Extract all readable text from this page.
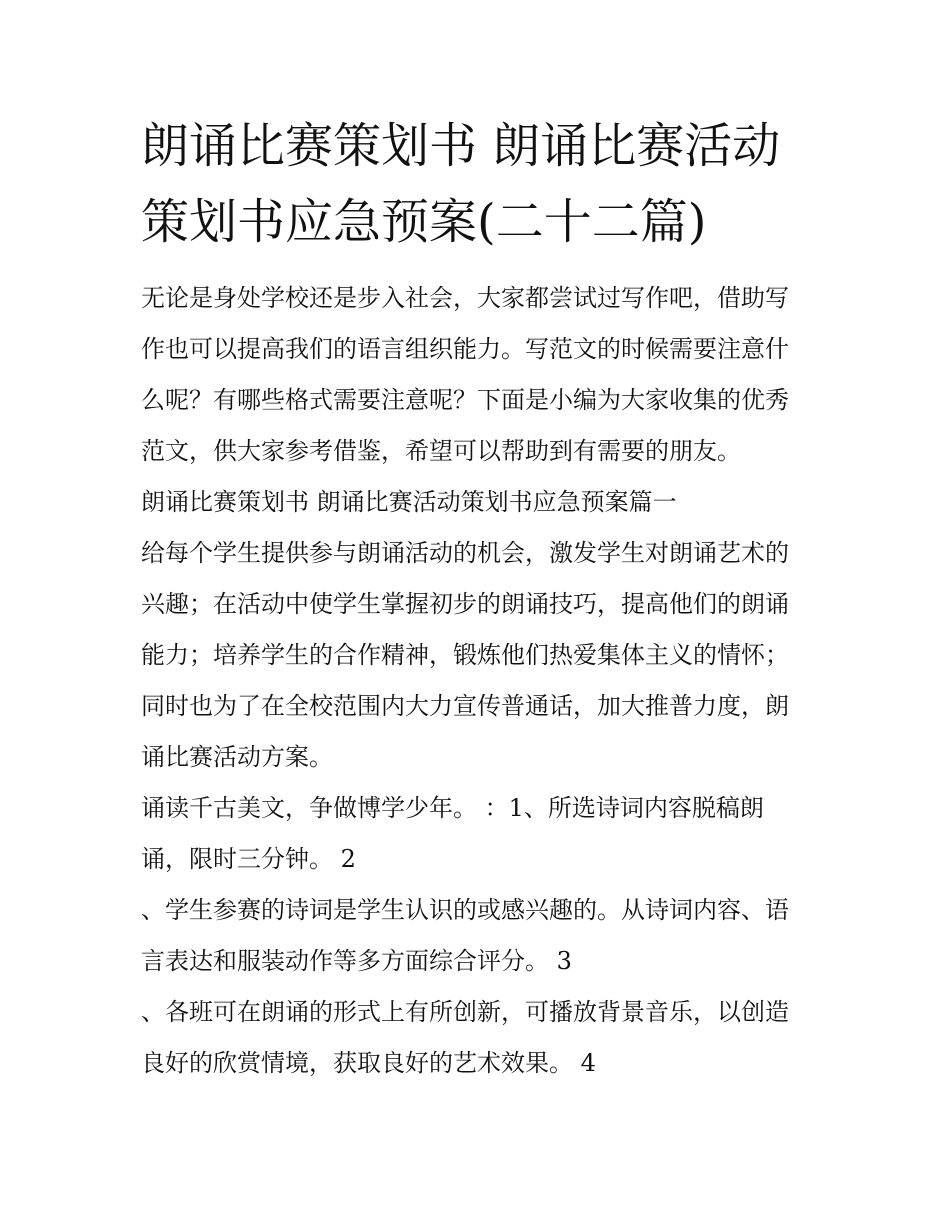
朗诵比赛策划书 朗诵比赛活动
策划书应急预案(二十二篇)
无论是身处学校还是步入社会，大家都尝试过写作吧，借助写
作也可以提高我们的语言组织能力。写范文的时候需要注意什
么呢？有哪些格式需要注意呢？下面是小编为大家收集的优秀
范文，供大家参考借鉴，希望可以帮助到有需要的朋友。
朗诵比赛策划书 朗诵比赛活动策划书应急预案篇一
给每个学生提供参与朗诵活动的机会，激发学生对朗诵艺术的
兴趣；在活动中使学生掌握初步的朗诵技巧，提高他们的朗诵
能力；培养学生的合作精神，锻炼他们热爱集体主义的情怀；
同时也为了在全校范围内大力宣传普通话，加大推普力度，朗
诵比赛活动方案。
诵读千古美文，争做博学少年。 ：1、所选诗词内容脱稿朗
诵，限时三分钟。 2
、学生参赛的诗词是学生认识的或感兴趣的。从诗词内容、语
言表达和服装动作等多方面综合评分。 3
、各班可在朗诵的形式上有所创新，可播放背景音乐，以创造
良好的欣赏情境，获取良好的艺术效果。 4
